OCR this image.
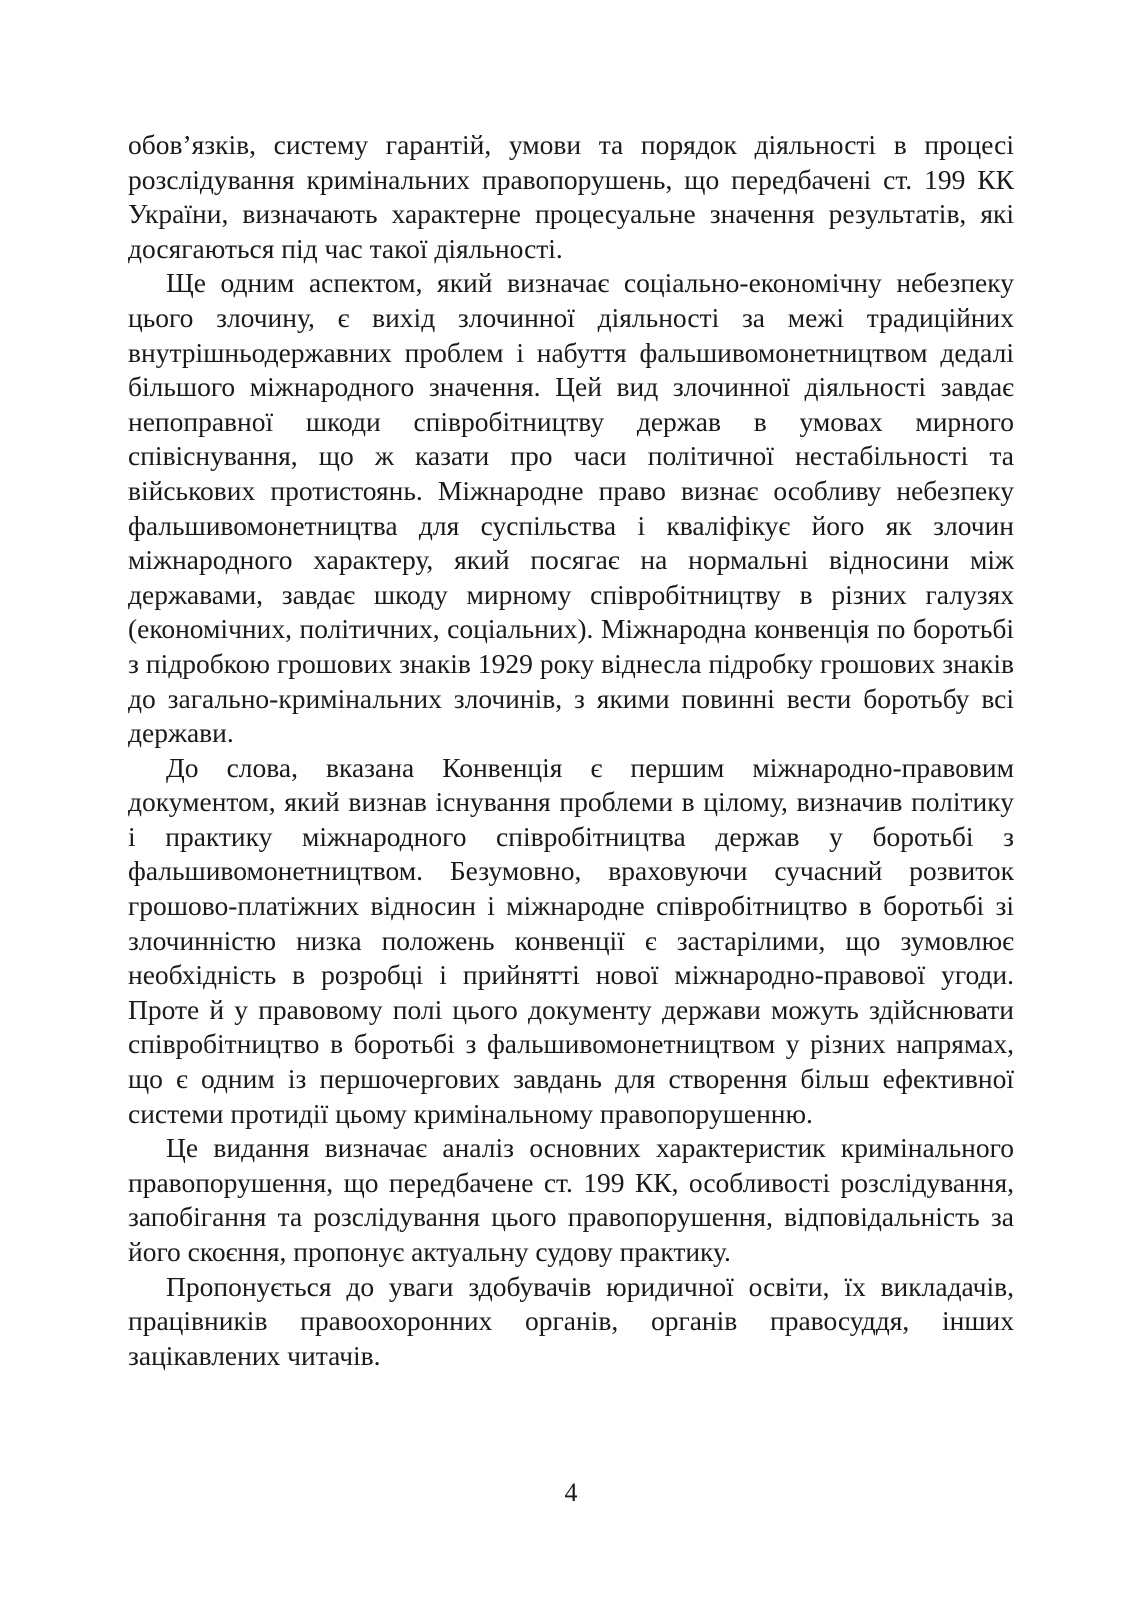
обов’язків, систему гарантій, умови та порядок діяльності в процесі розслідування кримінальних правопорушень, що передбачені ст. 199 КК України, визначають характерне процесуальне значення результатів, які досягаються під час такої діяльності.

Ще одним аспектом, який визначає соціально-економічну небезпеку цього злочину, є вихід злочинної діяльності за межі традиційних внутрішньодержавних проблем і набуття фальшивомонетництвом дедалі більшого міжнародного значення. Цей вид злочинної діяльності завдає непоправної шкоди співробітництву держав в умовах мирного співіснування, що ж казати про часи політичної нестабільності та військових протистоянь. Міжнародне право визнає особливу небезпеку фальшивомонетництва для суспільства і кваліфікує його як злочин міжнародного характеру, який посягає на нормальні відносини між державами, завдає шкоду мирному співробітництву в різних галузях (економічних, політичних, соціальних). Міжнародна конвенція по боротьбі з підробкою грошових знаків 1929 року віднесла підробку грошових знаків до загально-кримінальних злочинів, з якими повинні вести боротьбу всі держави.

До слова, вказана Конвенція є першим міжнародно-правовим документом, який визнав існування проблеми в цілому, визначив політику і практику міжнародного співробітництва держав у боротьбі з фальшивомонетництвом. Безумовно, враховуючи сучасний розвиток грошово-платіжних відносин і міжнародне співробітництво в боротьбі зі злочинністю низка положень конвенції є застарілими, що зумовлює необхідність в розробці і прийнятті нової міжнародно-правової угоди. Проте й у правовому полі цього документу держави можуть здійснювати співробітництво в боротьбі з фальшивомонетництвом у різних напрямах, що є одним із першочергових завдань для створення більш ефективної системи протидії цьому кримінальному правопорушенню.

Це видання визначає аналіз основних характеристик кримінального правопорушення, що передбачене ст. 199 КК, особливості розслідування, запобігання та розслідування цього правопорушення, відповідальність за його скоєння, пропонує актуальну судову практику.

Пропонується до уваги здобувачів юридичної освіти, їх викладачів, працівників правоохоронних органів, органів правосуддя, інших зацікавлених читачів.

4
